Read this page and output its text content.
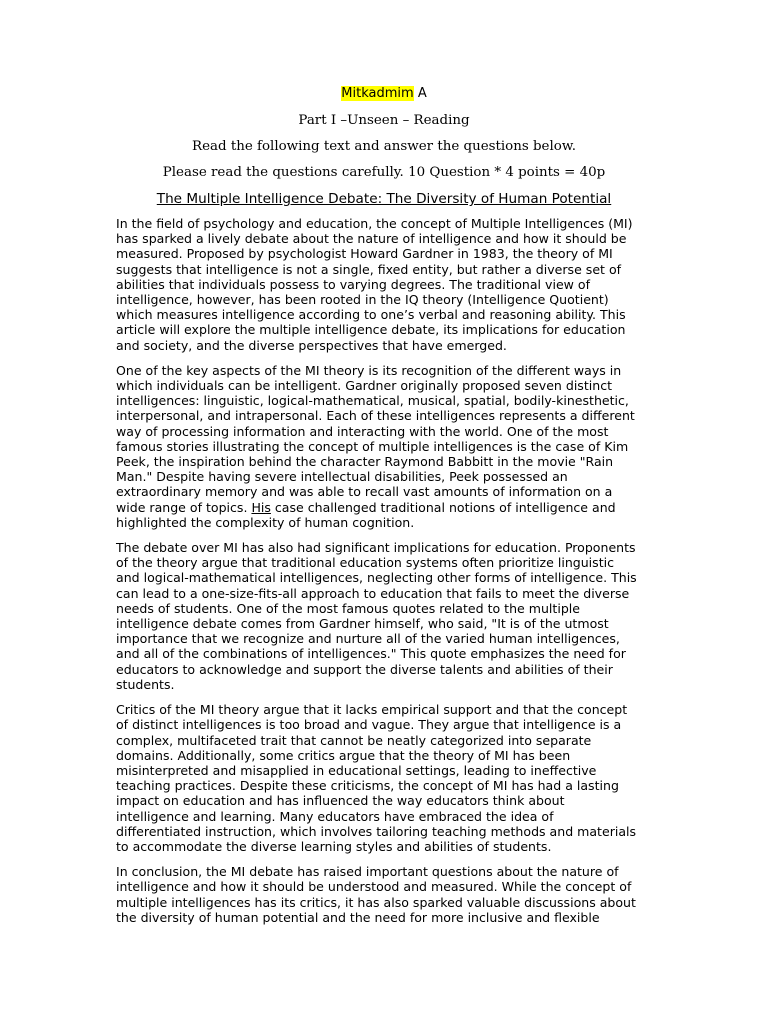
Mitkadmim A
Part I –Unseen – Reading
Read the following text and answer the questions below.
Please read the questions carefully. 10 Question * 4 points = 40p
The Multiple Intelligence Debate: The Diversity of Human Potential

In the field of psychology and education, the concept of Multiple Intelligences (MI)
has sparked a lively debate about the nature of intelligence and how it should be
measured. Proposed by psychologist Howard Gardner in 1983, the theory of MI
suggests that intelligence is not a single, fixed entity, but rather a diverse set of
abilities that individuals possess to varying degrees. The traditional view of
intelligence, however, has been rooted in the IQ theory (Intelligence Quotient)
which measures intelligence according to one’s verbal and reasoning ability. This
article will explore the multiple intelligence debate, its implications for education
and society, and the diverse perspectives that have emerged.

One of the key aspects of the MI theory is its recognition of the different ways in
which individuals can be intelligent. Gardner originally proposed seven distinct
intelligences: linguistic, logical-mathematical, musical, spatial, bodily-kinesthetic,
interpersonal, and intrapersonal. Each of these intelligences represents a different
way of processing information and interacting with the world. One of the most
famous stories illustrating the concept of multiple intelligences is the case of Kim
Peek, the inspiration behind the character Raymond Babbitt in the movie "Rain
Man." Despite having severe intellectual disabilities, Peek possessed an
extraordinary memory and was able to recall vast amounts of information on a
wide range of topics. His case challenged traditional notions of intelligence and
highlighted the complexity of human cognition.

The debate over MI has also had significant implications for education. Proponents
of the theory argue that traditional education systems often prioritize linguistic
and logical-mathematical intelligences, neglecting other forms of intelligence. This
can lead to a one-size-fits-all approach to education that fails to meet the diverse
needs of students. One of the most famous quotes related to the multiple
intelligence debate comes from Gardner himself, who said, "It is of the utmost
importance that we recognize and nurture all of the varied human intelligences,
and all of the combinations of intelligences." This quote emphasizes the need for
educators to acknowledge and support the diverse talents and abilities of their
students.

Critics of the MI theory argue that it lacks empirical support and that the concept
of distinct intelligences is too broad and vague. They argue that intelligence is a
complex, multifaceted trait that cannot be neatly categorized into separate
domains. Additionally, some critics argue that the theory of MI has been
misinterpreted and misapplied in educational settings, leading to ineffective
teaching practices. Despite these criticisms, the concept of MI has had a lasting
impact on education and has influenced the way educators think about
intelligence and learning. Many educators have embraced the idea of
differentiated instruction, which involves tailoring teaching methods and materials
to accommodate the diverse learning styles and abilities of students.

In conclusion, the MI debate has raised important questions about the nature of
intelligence and how it should be understood and measured. While the concept of
multiple intelligences has its critics, it has also sparked valuable discussions about
the diversity of human potential and the need for more inclusive and flexible
